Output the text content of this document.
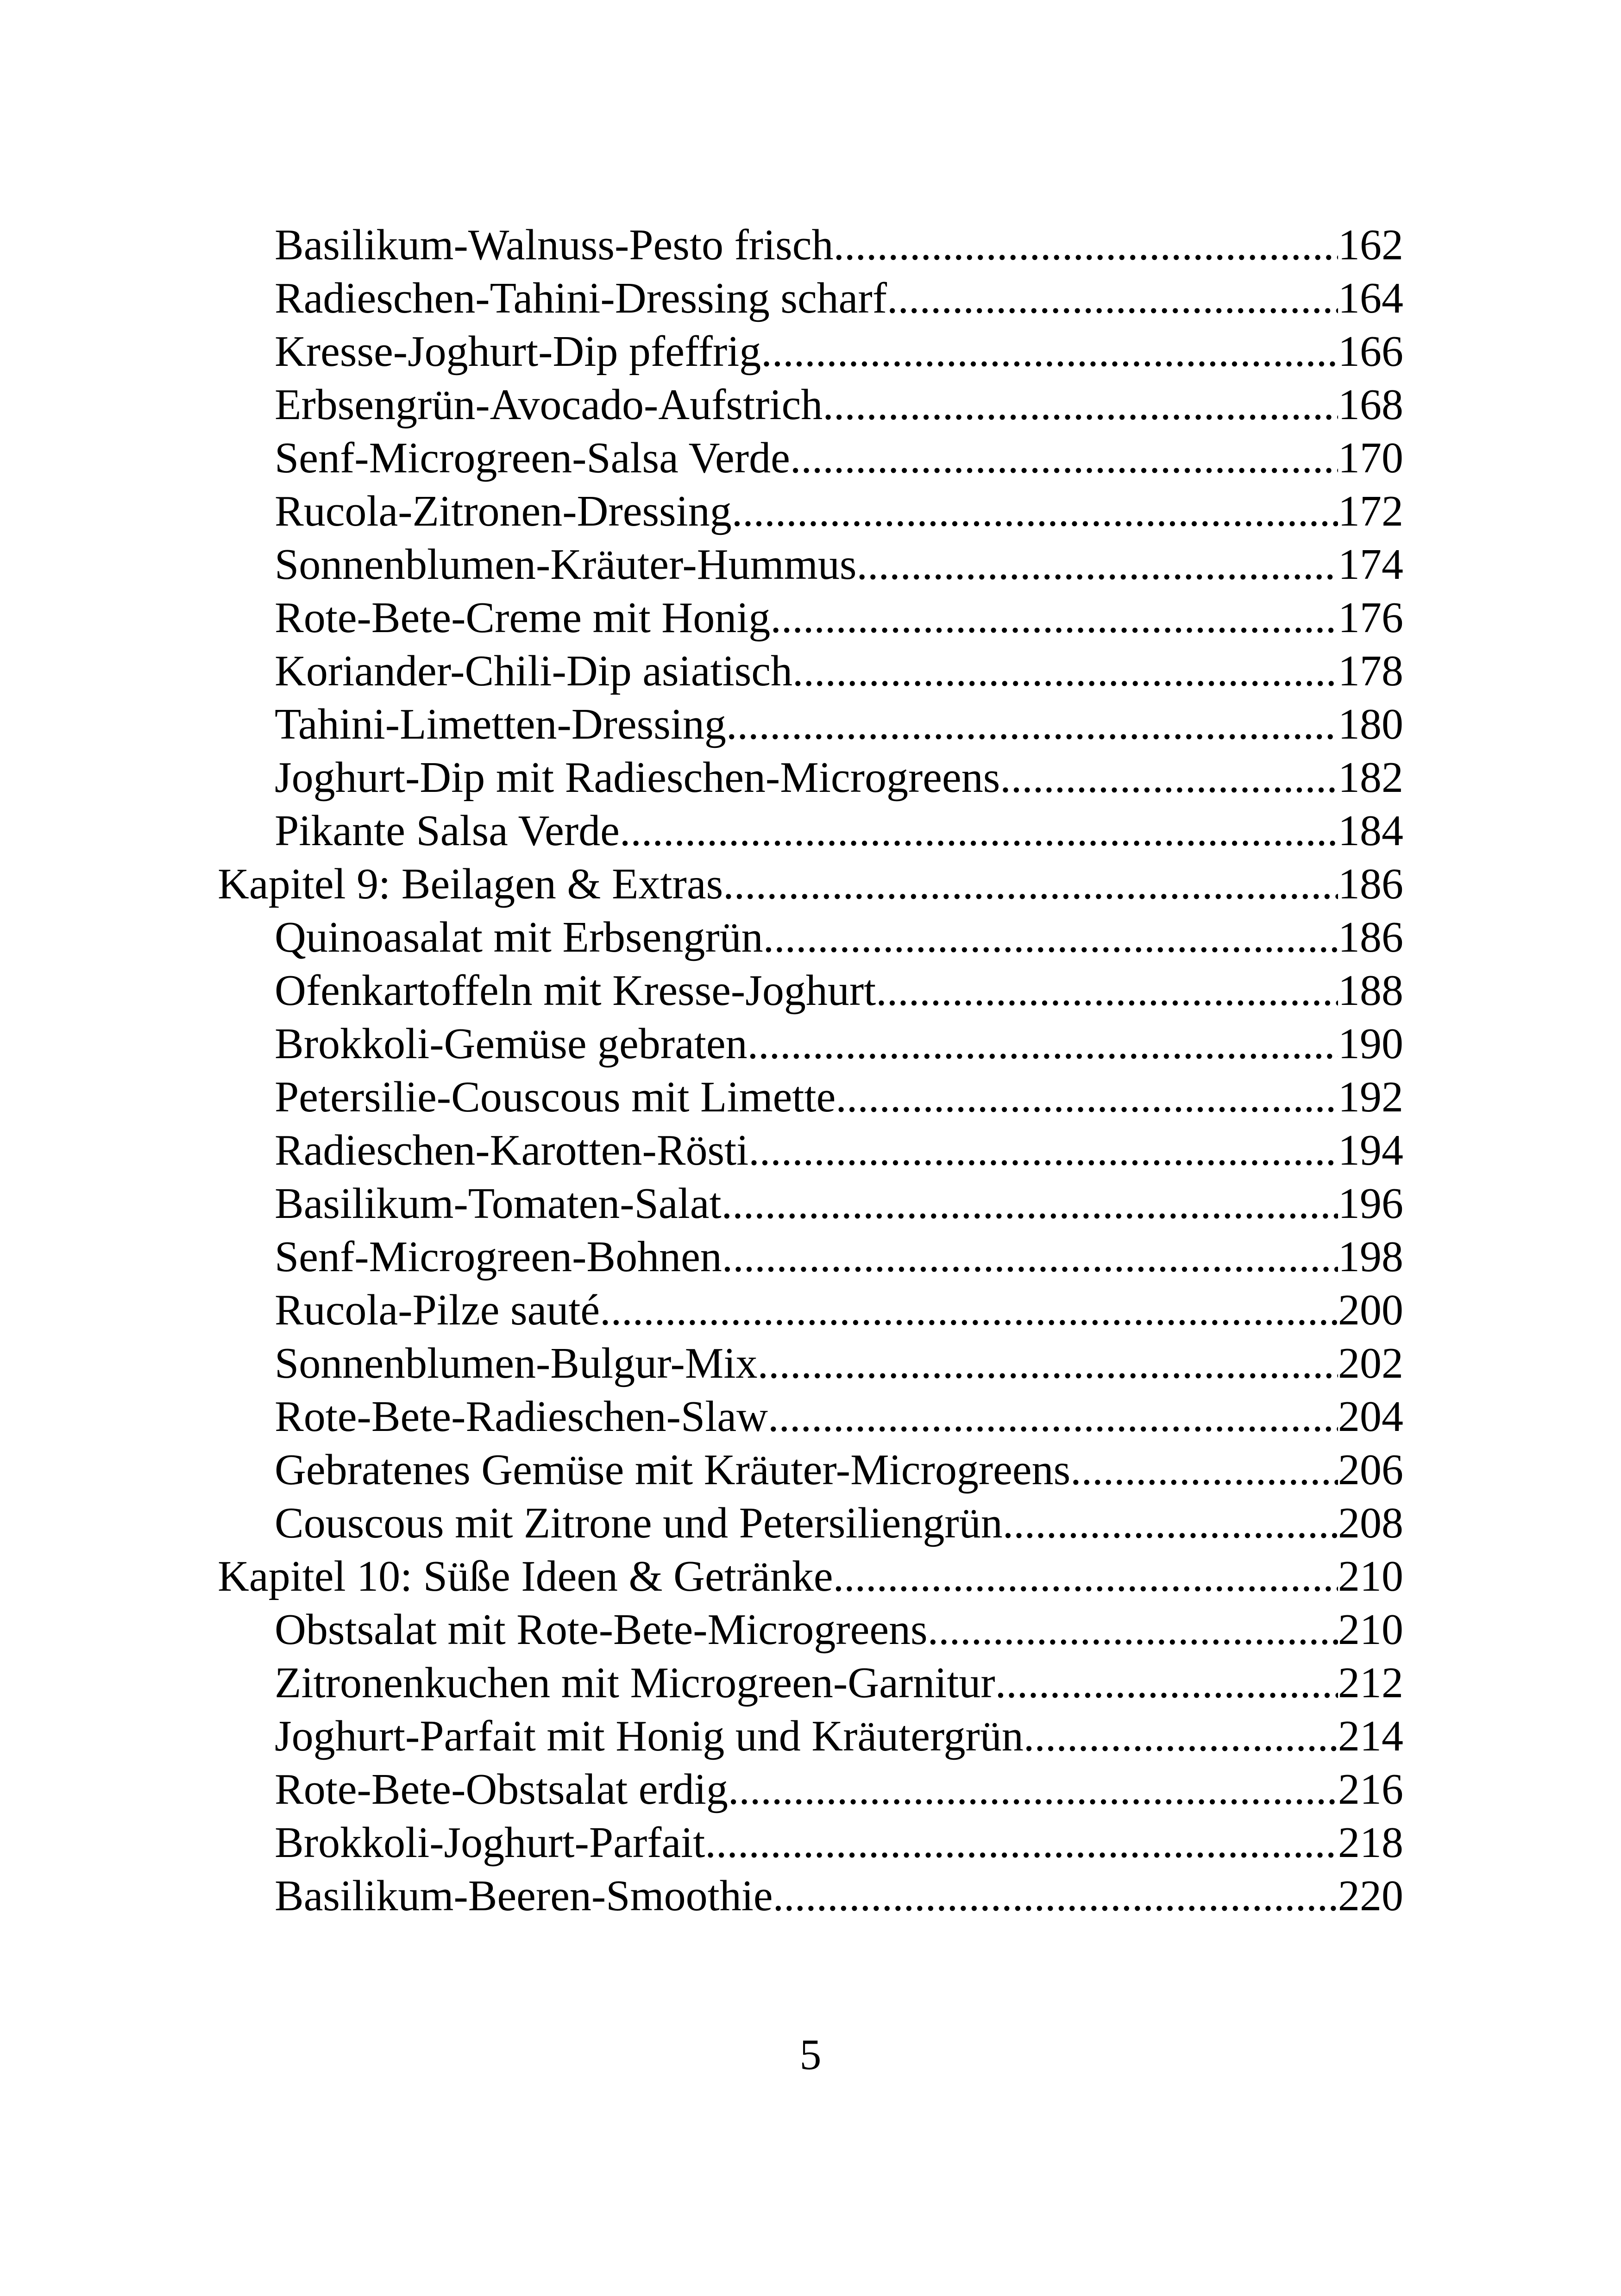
Basilikum-Walnuss-Pesto frisch .....	162
Radieschen-Tahini-Dressing scharf .....	164
Kresse-Joghurt-Dip pfeffrig .....	166
Erbsengrün-Avocado-Aufstrich .....	168
Senf-Microgreen-Salsa Verde .....	170
Rucola-Zitronen-Dressing .....	172
Sonnenblumen-Kräuter-Hummus .....	174
Rote-Bete-Creme mit Honig .....	176
Koriander-Chili-Dip asiatisch .....	178
Tahini-Limetten-Dressing .....	180
Joghurt-Dip mit Radieschen-Microgreens .....	182
Pikante Salsa Verde .....	184
Kapitel 9: Beilagen & Extras .....	186
Quinoasalat mit Erbsengrün .....	186
Ofenkartoffeln mit Kresse-Joghurt .....	188
Brokkoli-Gemüse gebraten .....	190
Petersilie-Couscous mit Limette .....	192
Radieschen-Karotten-Rösti .....	194
Basilikum-Tomaten-Salat .....	196
Senf-Microgreen-Bohnen .....	198
Rucola-Pilze sauté .....	200
Sonnenblumen-Bulgur-Mix .....	202
Rote-Bete-Radieschen-Slaw .....	204
Gebratenes Gemüse mit Kräuter-Microgreens .....	206
Couscous mit Zitrone und Petersiliengrün .....	208
Kapitel 10: Süße Ideen & Getränke .....	210
Obstsalat mit Rote-Bete-Microgreens .....	210
Zitronenkuchen mit Microgreen-Garnitur .....	212
Joghurt-Parfait mit Honig und Kräutergrün .....	214
Rote-Bete-Obstsalat erdig .....	216
Brokkoli-Joghurt-Parfait .....	218
Basilikum-Beeren-Smoothie .....	220
5
